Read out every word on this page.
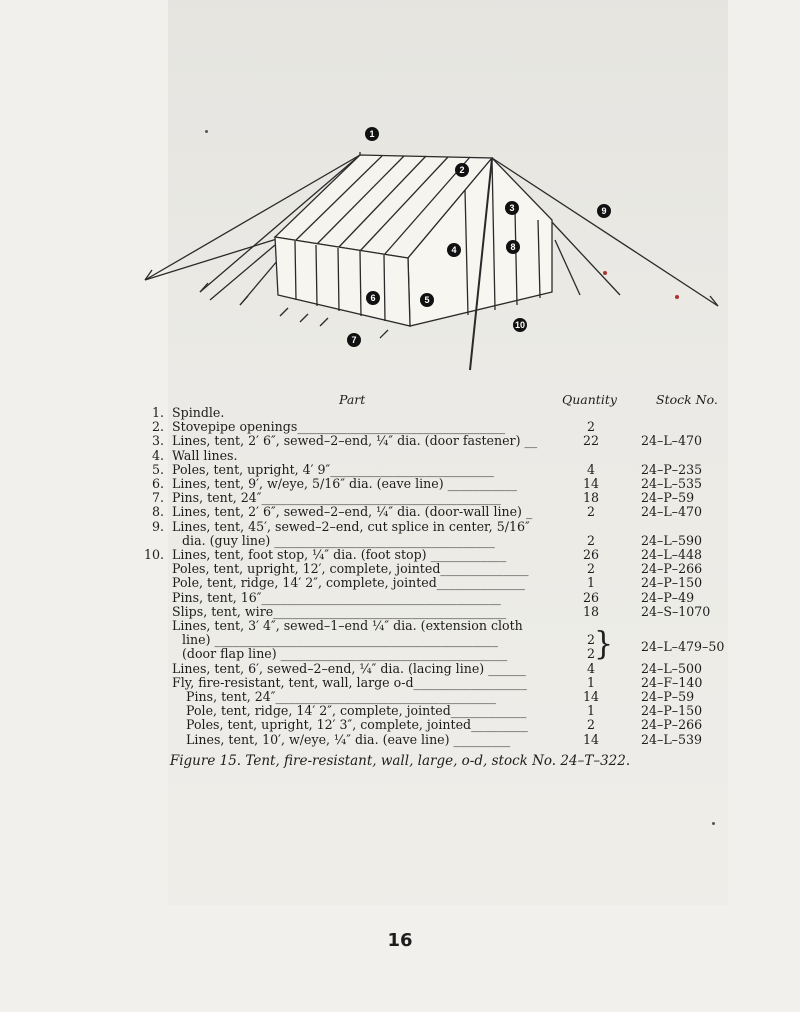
1
2
3
4
5
6
7
8
9
10
Part	Quantity	Stock No.
1. Spindle.
2. Stovepipe openings_________________________________	2
3. Lines, tent, 2′ 6″, sewed–2–end, ¼″ dia. (door fastener) __	22	24–L–470
4. Wall lines.
5. Poles, tent, upright, 4′ 9″__________________________	4	24–P–235
6. Lines, tent, 9′, w/eye, 5/16″ dia. (eave line) ___________	14	24–L–535
7. Pins, tent, 24″______________________________________	18	24–P–59
8. Lines, tent, 2′ 6″, sewed–2–end, ¼″ dia. (door-wall line) _	2	24–L–470
9. Lines, tent, 45′, sewed–2–end, cut splice in center, 5/16″
dia. (guy line) ___________________________________	2	24–L–590
10. Lines, tent, foot stop, ¼″ dia. (foot stop) ____________	26	24–L–448
Poles, tent, upright, 12′, complete, jointed______________	2	24–P–266
Pole, tent, ridge, 14′ 2″, complete, jointed______________	1	24–P–150
Pins, tent, 16″______________________________________	26	24–P–49
Slips, tent, wire_____________________________________	18	24–S–1070
Lines, tent, 3′ 4″, sewed–1–end ¼″ dia. (extension cloth
line) _____________________________________________	2	24–L–479–50
(door flap line) ____________________________________	2
Lines, tent, 6′, sewed–2–end, ¼″ dia. (lacing line) ______	4	24–L–500
Fly, fire-resistant, tent, wall, large o-d__________________	1	24–F–140
Pins, tent, 24″___________________________________	14	24–P–59
Pole, tent, ridge, 14′ 2″, complete, jointed____________	1	24–P–150
Poles, tent, upright, 12′ 3″, complete, jointed_________	2	24–P–266
Lines, tent, 10′, w/eye, ¼″ dia. (eave line) _________	14	24–L–539
}
Figure 15. Tent, fire-resistant, wall, large, o-d, stock No. 24–T–322.
16
